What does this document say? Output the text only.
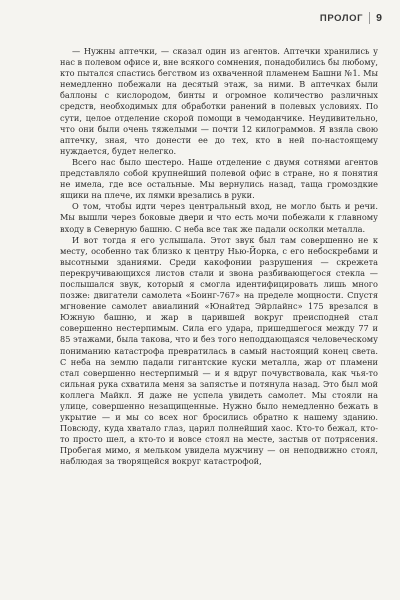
ПРОЛОГ 9

— Нужны аптечки, — сказал один из агентов. Аптечки хранились у нас в полевом офисе и, вне всякого сомнения, понадобились бы любому, кто пытался спастись бегством из охваченной пламенем Башни №1. Мы немедленно побежали на десятый этаж, за ними. В аптечках были баллоны с кислородом, бинты и огромное количество различных средств, необходимых для обработки ранений в полевых условиях. По сути, целое отделение скорой помощи в чемоданчике. Неудивительно, что они были очень тяжелыми — почти 12 килограммов. Я взяла свою аптечку, зная, что донести ее до тех, кто в ней по-настоящему нуждается, будет нелегко.

Всего нас было шестеро. Наше отделение с двумя сотнями агентов представляло собой крупнейший полевой офис в стране, но я понятия не имела, где все остальные. Мы вернулись назад, таща громоздкие ящики на плече, их лямки врезались в руки.

О том, чтобы идти через центральный вход, не могло быть и речи. Мы вышли через боковые двери и что есть мочи побежали к главному входу в Северную башню. С неба все так же падали осколки металла.

И вот тогда я его услышала. Этот звук был там совершенно не к месту, особенно так близко к центру Нью-Йорка, с его небоскребами и высотными зданиями. Среди какофонии разрушения — скрежета перекручивающихся листов стали и звона разбивающегося стекла — послышался звук, который я смогла идентифицировать лишь много позже: двигатели самолета «Боинг-767» на пределе мощности. Спустя мгновение самолет авиалиний «Юнайтед Эйрлайнс» 175 врезался в Южную башню, и жар в царившей вокруг преисподней стал совершенно нестерпимым. Сила его удара, пришедшегося между 77 и 85 этажами, была такова, что и без того неподдающаяся человеческому пониманию катастрофа превратилась в самый настоящий конец света. С неба на землю падали гигантские куски металла, жар от пламени стал совершенно нестерпимый — и я вдруг почувствовала, как чья-то сильная рука схватила меня за запястье и потянула назад. Это был мой коллега Майкл. Я даже не успела увидеть самолет. Мы стояли на улице, совершенно незащищенные. Нужно было немедленно бежать в укрытие — и мы со всех ног бросились обратно к нашему зданию. Повсюду, куда хватало глаз, царил полнейший хаос. Кто-то бежал, кто-то просто шел, а кто-то и вовсе стоял на месте, застыв от потрясения. Пробегая мимо, я мельком увидела мужчину — он неподвижно стоял, наблюдая за творящейся вокруг катастрофой,
